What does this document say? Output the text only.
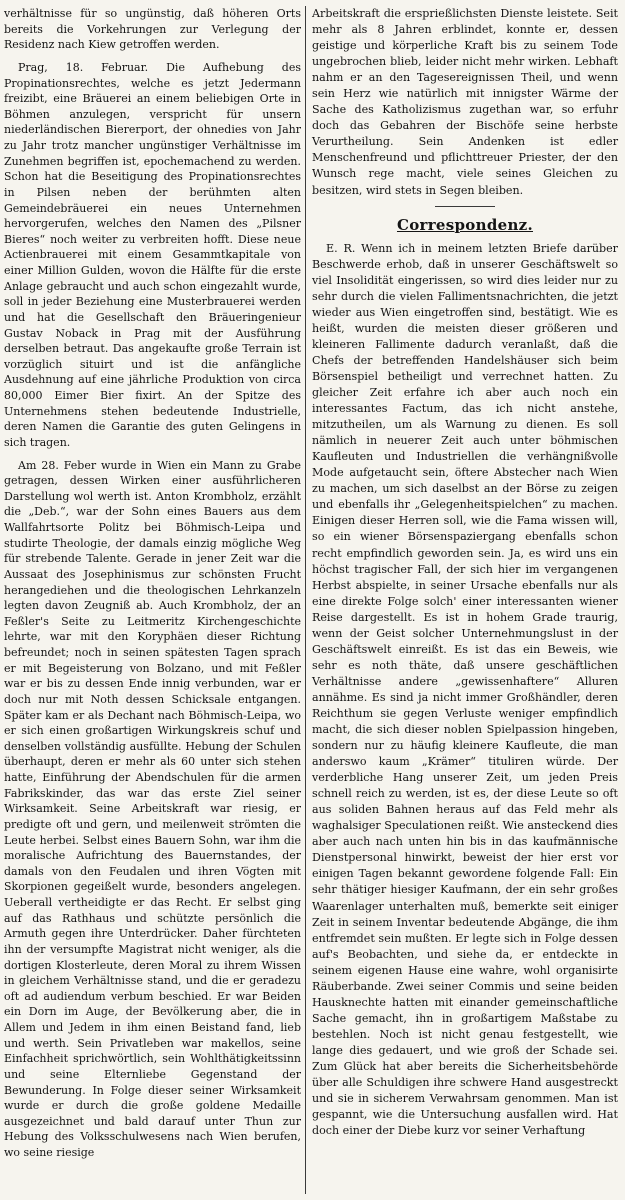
verhältnisse für so ungünstig, daß höheren Orts bereits die Vorkehrungen zur Verlegung der Residenz nach Kiew getroffen werden.

Prag, 18. Februar. Die Aufhebung des Propinationsrechtes, welche es jetzt Jedermann freizibt, eine Bräuerei an einem beliebigen Orte in Böhmen anzulegen, verspricht für unsern niederländischen Biererport, der ohnedies von Jahr zu Jahr trotz mancher ungünstiger Verhältnisse im Zunehmen begriffen ist, epochemachend zu werden. Schon hat die Beseitigung des Propinationsrechtes in Pilsen neben der berühmten alten Gemeindebräuerei ein neues Unternehmen hervorgerufen, welches den Namen des „Pilsner Bieres“ noch weiter zu verbreiten hofft. Diese neue Actienbrauerei mit einem Gesammtkapitale von einer Million Gulden, wovon die Hälfte für die erste Anlage gebraucht und auch schon eingezahlt wurde, soll in jeder Beziehung eine Musterbrauerei werden und hat die Gesellschaft den Bräueringenieur Gustav Noback in Prag mit der Ausführung derselben betraut. Das angekaufte große Terrain ist vorzüglich situirt und ist die anfängliche Ausdehnung auf eine jährliche Produktion von circa 80,000 Eimer Bier fixirt. An der Spitze des Unternehmens stehen bedeutende Industrielle, deren Namen die Garantie des guten Gelingens in sich tragen.

Am 28. Feber wurde in Wien ein Mann zu Grabe getragen, dessen Wirken einer ausführlicheren Darstellung wol werth ist. Anton Krombholz, erzählt die „Deb.“, war der Sohn eines Bauers aus dem Wallfahrtsorte Politz bei Böhmisch-Leipa und studirte Theologie, der damals einzig mögliche Weg für strebende Talente. Gerade in jener Zeit war die Aussaat des Josephinismus zur schönsten Frucht herangediehen und die theologischen Lehrkanzeln legten davon Zeugniß ab. Auch Krombholz, der an Feßler's Seite zu Leitmeritz Kirchengeschichte lehrte, war mit den Koryphäen dieser Richtung befreundet; noch in seinen spätesten Tagen sprach er mit Begeisterung von Bolzano, und mit Feßler war er bis zu dessen Ende innig verbunden, war er doch nur mit Noth dessen Schicksale entgangen. Später kam er als Dechant nach Böhmisch-Leipa, wo er sich einen großartigen Wirkungskreis schuf und denselben vollständig ausfüllte. Hebung der Schulen überhaupt, deren er mehr als 60 unter sich stehen hatte, Einführung der Abendschulen für die armen Fabrikskinder, das war das erste Ziel seiner Wirksamkeit. Seine Arbeitskraft war riesig, er predigte oft und gern, und meilenweit strömten die Leute herbei. Selbst eines Bauern Sohn, war ihm die moralische Aufrichtung des Bauernstandes, der damals von den Feudalen und ihren Vögten mit Skorpionen gegeißelt wurde, besonders angelegen. Ueberall vertheidigte er das Recht. Er selbst ging auf das Rathhaus und schützte persönlich die Armuth gegen ihre Unterdrücker. Daher fürchteten ihn der versumpfte Magistrat nicht weniger, als die dortigen Klosterleute, deren Moral zu ihrem Wissen in gleichem Verhältnisse stand, und die er geradezu oft ad audiendum verbum beschied. Er war Beiden ein Dorn im Auge, der Bevölkerung aber, die in Allem und Jedem in ihm einen Beistand fand, lieb und werth. Sein Privatleben war makellos, seine Einfachheit sprichwörtlich, sein Wohlthätigkeitssinn und seine Elternliebe Gegenstand der Bewunderung. In Folge dieser seiner Wirksamkeit wurde er durch die große goldene Medaille ausgezeichnet und bald darauf unter Thun zur Hebung des Volksschulwesens nach Wien berufen, wo seine riesige

Arbeitskraft die ersprießlichsten Dienste leistete. Seit mehr als 8 Jahren erblindet, konnte er, dessen geistige und körperliche Kraft bis zu seinem Tode ungebrochen blieb, leider nicht mehr wirken. Lebhaft nahm er an den Tagesereignissen Theil, und wenn sein Herz wie natürlich mit innigster Wärme der Sache des Katholizismus zugethan war, so erfuhr doch das Gebahren der Bischöfe seine herbste Verurtheilung. Sein Andenken ist edler Menschenfreund und pflichttreuer Priester, der den Wunsch rege macht, viele seines Gleichen zu besitzen, wird stets in Segen bleiben.

Correspondenz.

E. R. Wenn ich in meinem letzten Briefe darüber Beschwerde erhob, daß in unserer Geschäftswelt so viel Insolidität eingerissen, so wird dies leider nur zu sehr durch die vielen Fallimentsnachrichten, die jetzt wieder aus Wien eingetroffen sind, bestätigt. Wie es heißt, wurden die meisten dieser größeren und kleineren Fallimente dadurch veranlaßt, daß die Chefs der betreffenden Handelshäuser sich beim Börsenspiel betheiligt und verrechnet hatten. Zu gleicher Zeit erfahre ich aber auch noch ein interessantes Factum, das ich nicht anstehe, mitzutheilen, um als Warnung zu dienen. Es soll nämlich in neuerer Zeit auch unter böhmischen Kaufleuten und Industriellen die verhängnißvolle Mode aufgetaucht sein, öftere Abstecher nach Wien zu machen, um sich daselbst an der Börse zu zeigen und ebenfalls ihr „Gelegenheitspielchen“ zu machen. Einigen dieser Herren soll, wie die Fama wissen will, so ein wiener Börsenspaziergang ebenfalls schon recht empfindlich geworden sein. Ja, es wird uns ein höchst tragischer Fall, der sich hier im vergangenen Herbst abspielte, in seiner Ursache ebenfalls nur als eine direkte Folge solch' einer interessanten wiener Reise dargestellt. Es ist in hohem Grade traurig, wenn der Geist solcher Unternehmungslust in der Geschäftswelt einreißt. Es ist das ein Beweis, wie sehr es noth thäte, daß unsere geschäftlichen Verhältnisse andere „gewissenhaftere“ Alluren annähme. Es sind ja nicht immer Großhändler, deren Reichthum sie gegen Verluste weniger empfindlich macht, die sich dieser noblen Spielpassion hingeben, sondern nur zu häufig kleinere Kaufleute, die man anderswo kaum „Krämer“ tituliren würde. Der verderbliche Hang unserer Zeit, um jeden Preis schnell reich zu werden, ist es, der diese Leute so oft aus soliden Bahnen heraus auf das Feld mehr als waghalsiger Speculationen reißt. Wie ansteckend dies aber auch nach unten hin bis in das kaufmännische Dienstpersonal hinwirkt, beweist der hier erst vor einigen Tagen bekannt gewordene folgende Fall: Ein sehr thätiger hiesiger Kaufmann, der ein sehr großes Waarenlager unterhalten muß, bemerkte seit einiger Zeit in seinem Inventar bedeutende Abgänge, die ihm entfremdet sein mußten. Er legte sich in Folge dessen auf's Beobachten, und siehe da, er entdeckte in seinem eigenen Hause eine wahre, wohl organisirte Räuberbande. Zwei seiner Commis und seine beiden Hausknechte hatten mit einander gemeinschaftliche Sache gemacht, ihn in großartigem Maßstabe zu bestehlen. Noch ist nicht genau festgestellt, wie lange dies gedauert, und wie groß der Schade sei. Zum Glück hat aber bereits die Sicherheitsbehörde über alle Schuldigen ihre schwere Hand ausgestreckt und sie in sicherem Verwahrsam genommen. Man ist gespannt, wie die Untersuchung ausfallen wird. Hat doch einer der Diebe kurz vor seiner Verhaftung
